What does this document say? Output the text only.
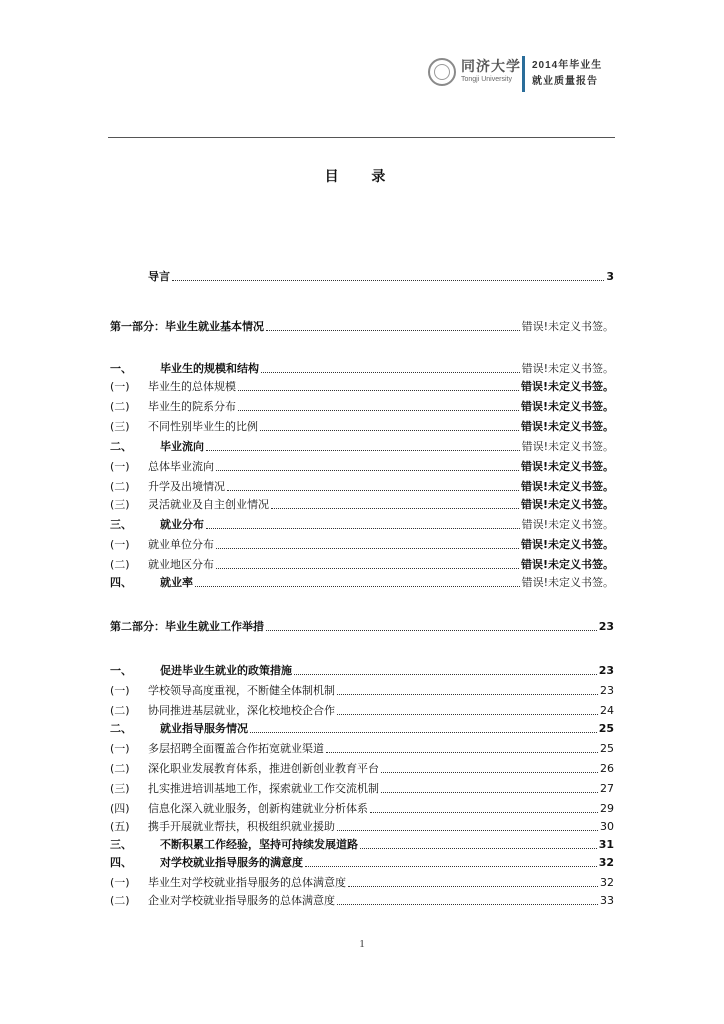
同济大学
Tongji University
2014年毕业生
就业质量报告
目 录
导言	3
第一部分：毕业生就业基本情况	错误!未定义书签。
一、	毕业生的规模和结构	错误!未定义书签。
(一)	毕业生的总体规模	错误!未定义书签。
(二)	毕业生的院系分布	错误!未定义书签。
(三)	不同性别毕业生的比例	错误!未定义书签。
二、	毕业流向	错误!未定义书签。
(一)	总体毕业流向	错误!未定义书签。
(二)	升学及出境情况	错误!未定义书签。
(三)	灵活就业及自主创业情况	错误!未定义书签。
三、	就业分布	错误!未定义书签。
(一)	就业单位分布	错误!未定义书签。
(二)	就业地区分布	错误!未定义书签。
四、	就业率	错误!未定义书签。
第二部分：毕业生就业工作举措	23
一、	促进毕业生就业的政策措施	23
(一)	学校领导高度重视，不断健全体制机制	23
(二)	协同推进基层就业，深化校地校企合作	24
二、	就业指导服务情况	25
(一)	多层招聘全面覆盖合作拓宽就业渠道	25
(二)	深化职业发展教育体系，推进创新创业教育平台	26
(三)	扎实推进培训基地工作，探索就业工作交流机制	27
(四)	信息化深入就业服务，创新构建就业分析体系	29
(五)	携手开展就业帮扶，积极组织就业援助	30
三、	不断积累工作经验，坚持可持续发展道路	31
四、	对学校就业指导服务的满意度	32
(一)	毕业生对学校就业指导服务的总体满意度	32
(二)	企业对学校就业指导服务的总体满意度	33
1
